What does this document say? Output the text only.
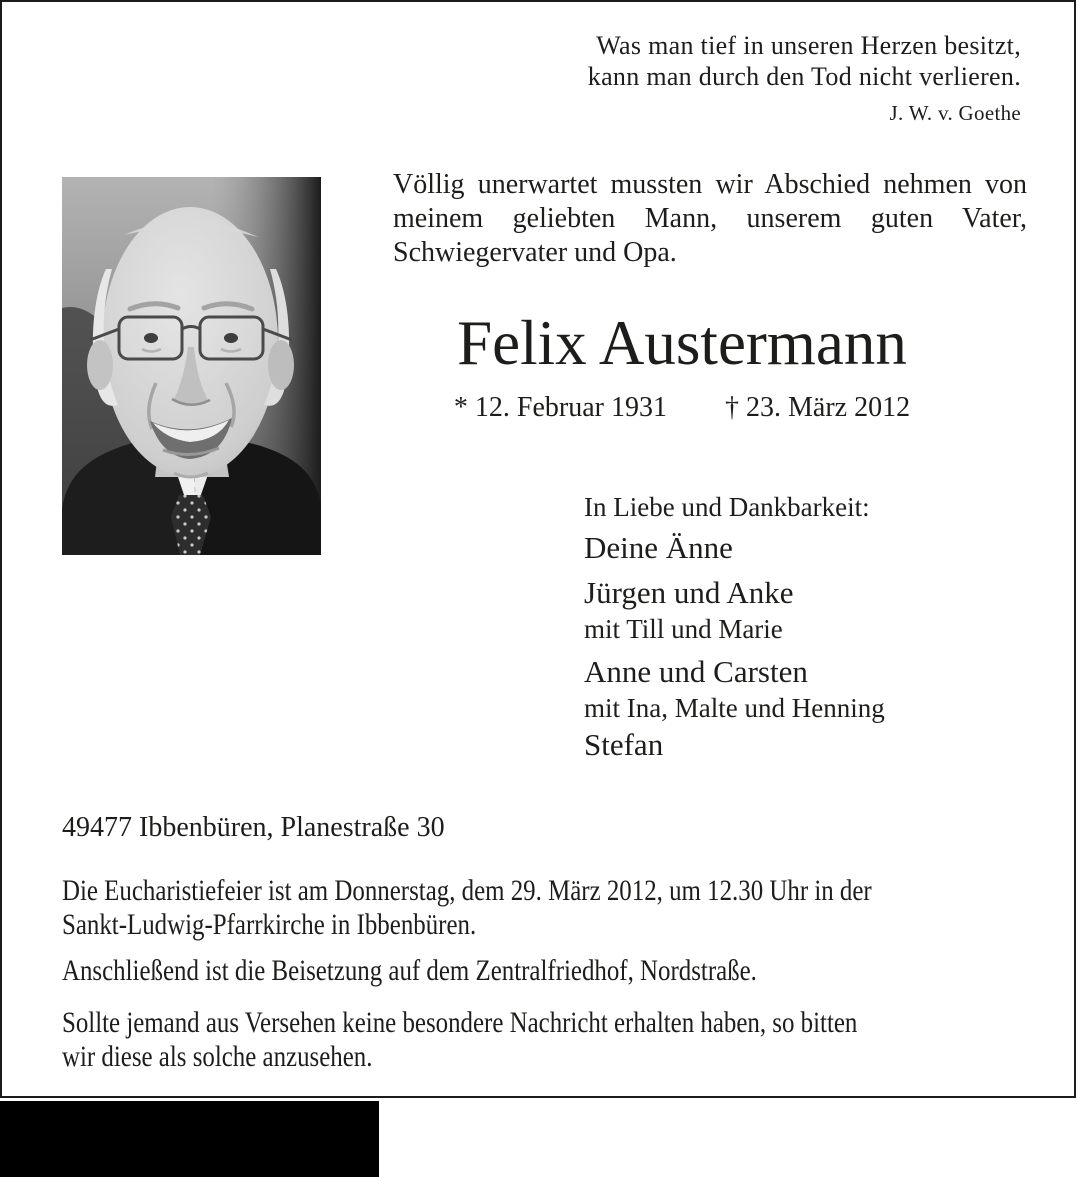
Was man tief in unseren Herzen besitzt,
kann man durch den Tod nicht verlieren.
J. W. v. Goethe
Völlig unerwartet mussten wir Abschied nehmen von meinem geliebten Mann, unserem guten Vater, Schwiegervater und Opa.
Felix Austermann
* 12. Februar 1931 † 23. März 2012
In Liebe und Dankbarkeit:
Deine Änne
Jürgen und Anke
mit Till und Marie
Anne und Carsten
mit Ina, Malte und Henning
Stefan
49477 Ibbenbüren, Planestraße 30
Die Eucharistiefeier ist am Donnerstag, dem 29. März 2012, um 12.30 Uhr in der
Sankt-Ludwig-Pfarrkirche in Ibbenbüren.
Anschließend ist die Beisetzung auf dem Zentralfriedhof, Nordstraße.
Sollte jemand aus Versehen keine besondere Nachricht erhalten haben, so bitten
wir diese als solche anzusehen.
